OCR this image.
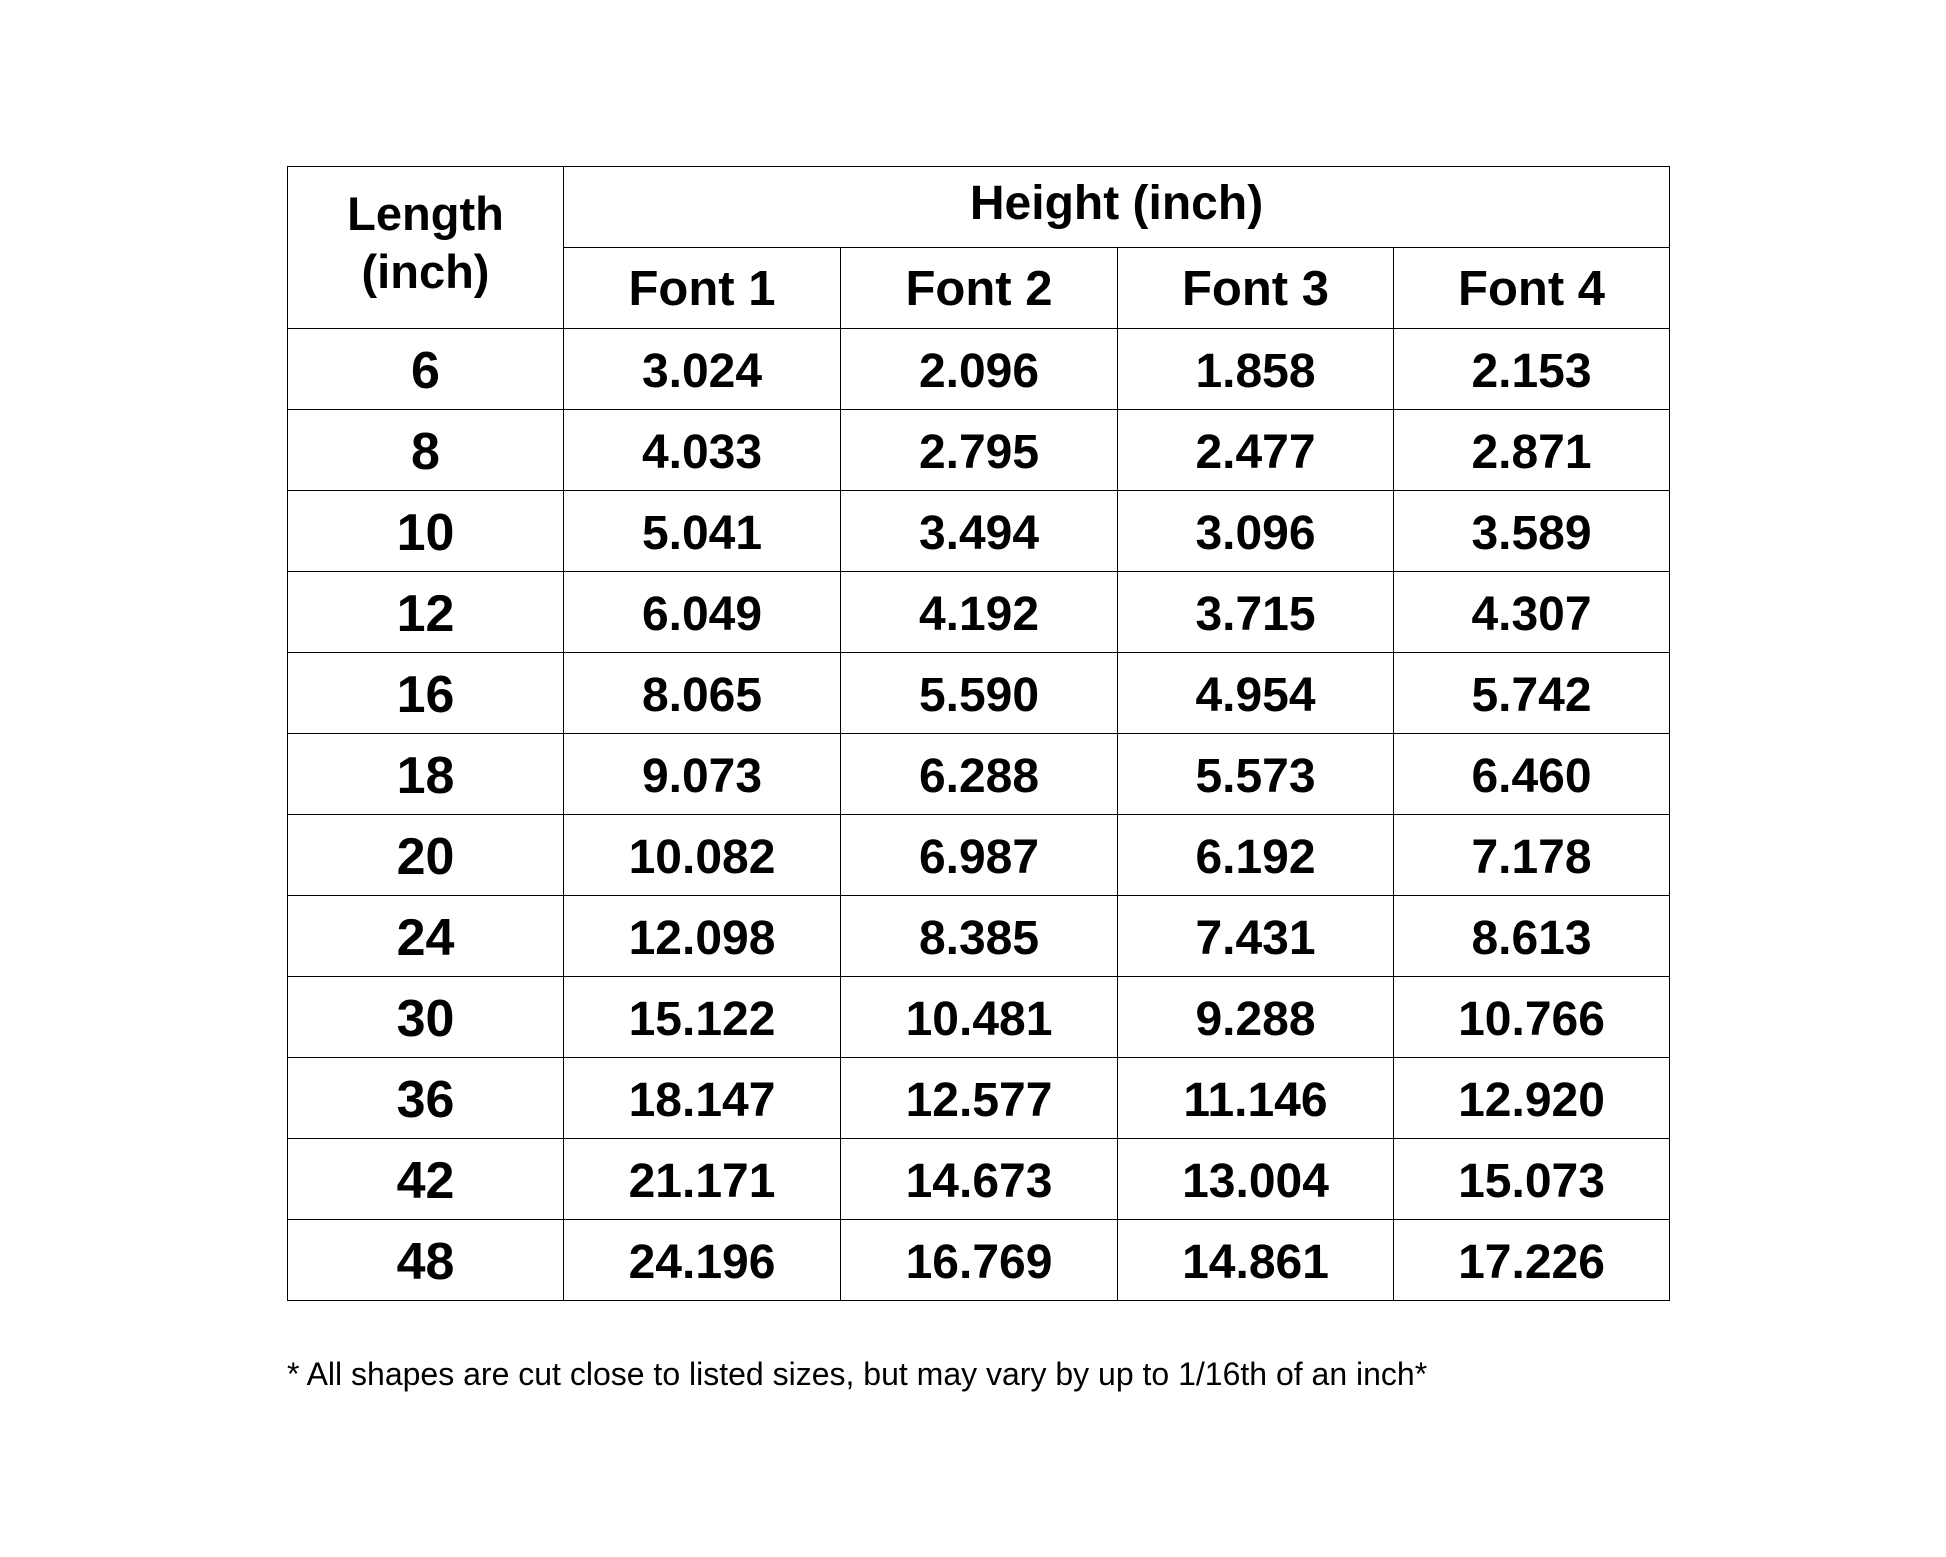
Length
(inch)	Height (inch)			
	Font 1	Font 2	Font 3	Font 4
6	3.024	2.096	1.858	2.153
8	4.033	2.795	2.477	2.871
10	5.041	3.494	3.096	3.589
12	6.049	4.192	3.715	4.307
16	8.065	5.590	4.954	5.742
18	9.073	6.288	5.573	6.460
20	10.082	6.987	6.192	7.178
24	12.098	8.385	7.431	8.613
30	15.122	10.481	9.288	10.766
36	18.147	12.577	11.146	12.920
42	21.171	14.673	13.004	15.073
48	24.196	16.769	14.861	17.226
* All shapes are cut close to listed sizes, but may vary by up to 1/16th of an inch*
